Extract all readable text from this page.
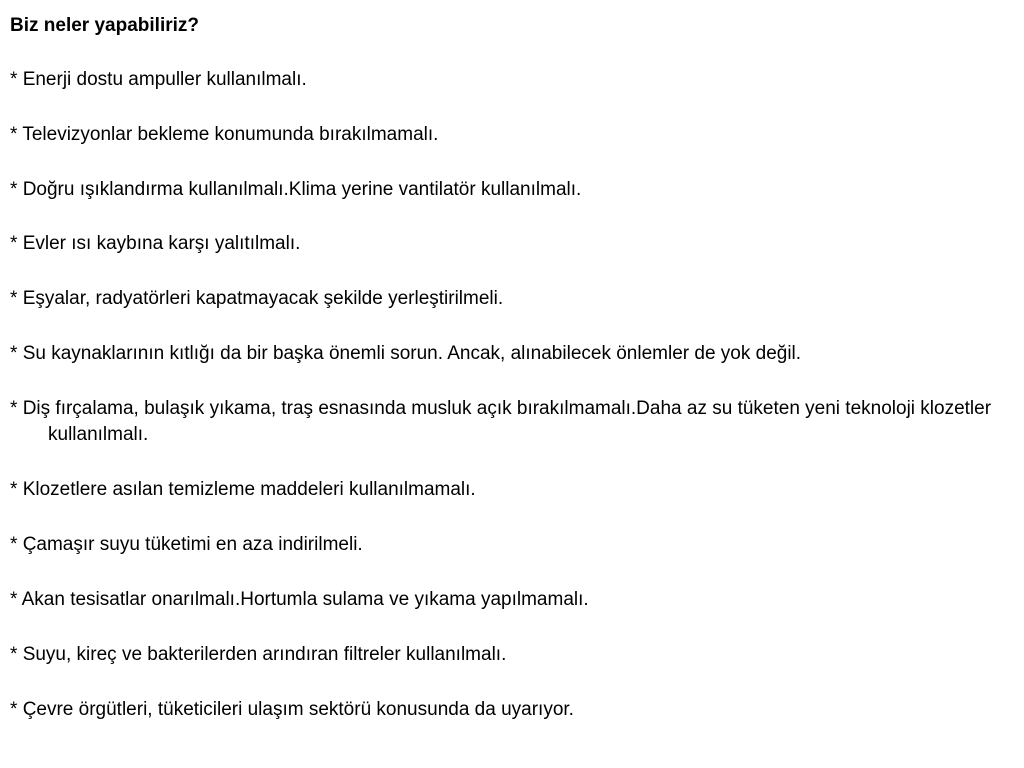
Biz neler yapabiliriz?
* Enerji dostu ampuller kullanılmalı.
* Televizyonlar bekleme konumunda bırakılmamalı.
* Doğru ışıklandırma kullanılmalı.Klima yerine vantilatör kullanılmalı.
* Evler ısı kaybına karşı yalıtılmalı.
* Eşyalar, radyatörleri kapatmayacak şekilde yerleştirilmeli.
* Su kaynaklarının kıtlığı da bir başka önemli sorun. Ancak, alınabilecek önlemler de yok değil.
* Diş fırçalama, bulaşık yıkama, traş esnasında musluk açık bırakılmamalı.Daha az su tüketen yeni teknoloji klozetler kullanılmalı.
* Klozetlere asılan temizleme maddeleri kullanılmamalı.
* Çamaşır suyu tüketimi en aza indirilmeli.
* Akan tesisatlar onarılmalı.Hortumla sulama ve yıkama yapılmamalı.
* Suyu, kireç ve bakterilerden arındıran filtreler kullanılmalı.
* Çevre örgütleri, tüketicileri ulaşım sektörü konusunda da uyarıyor.
